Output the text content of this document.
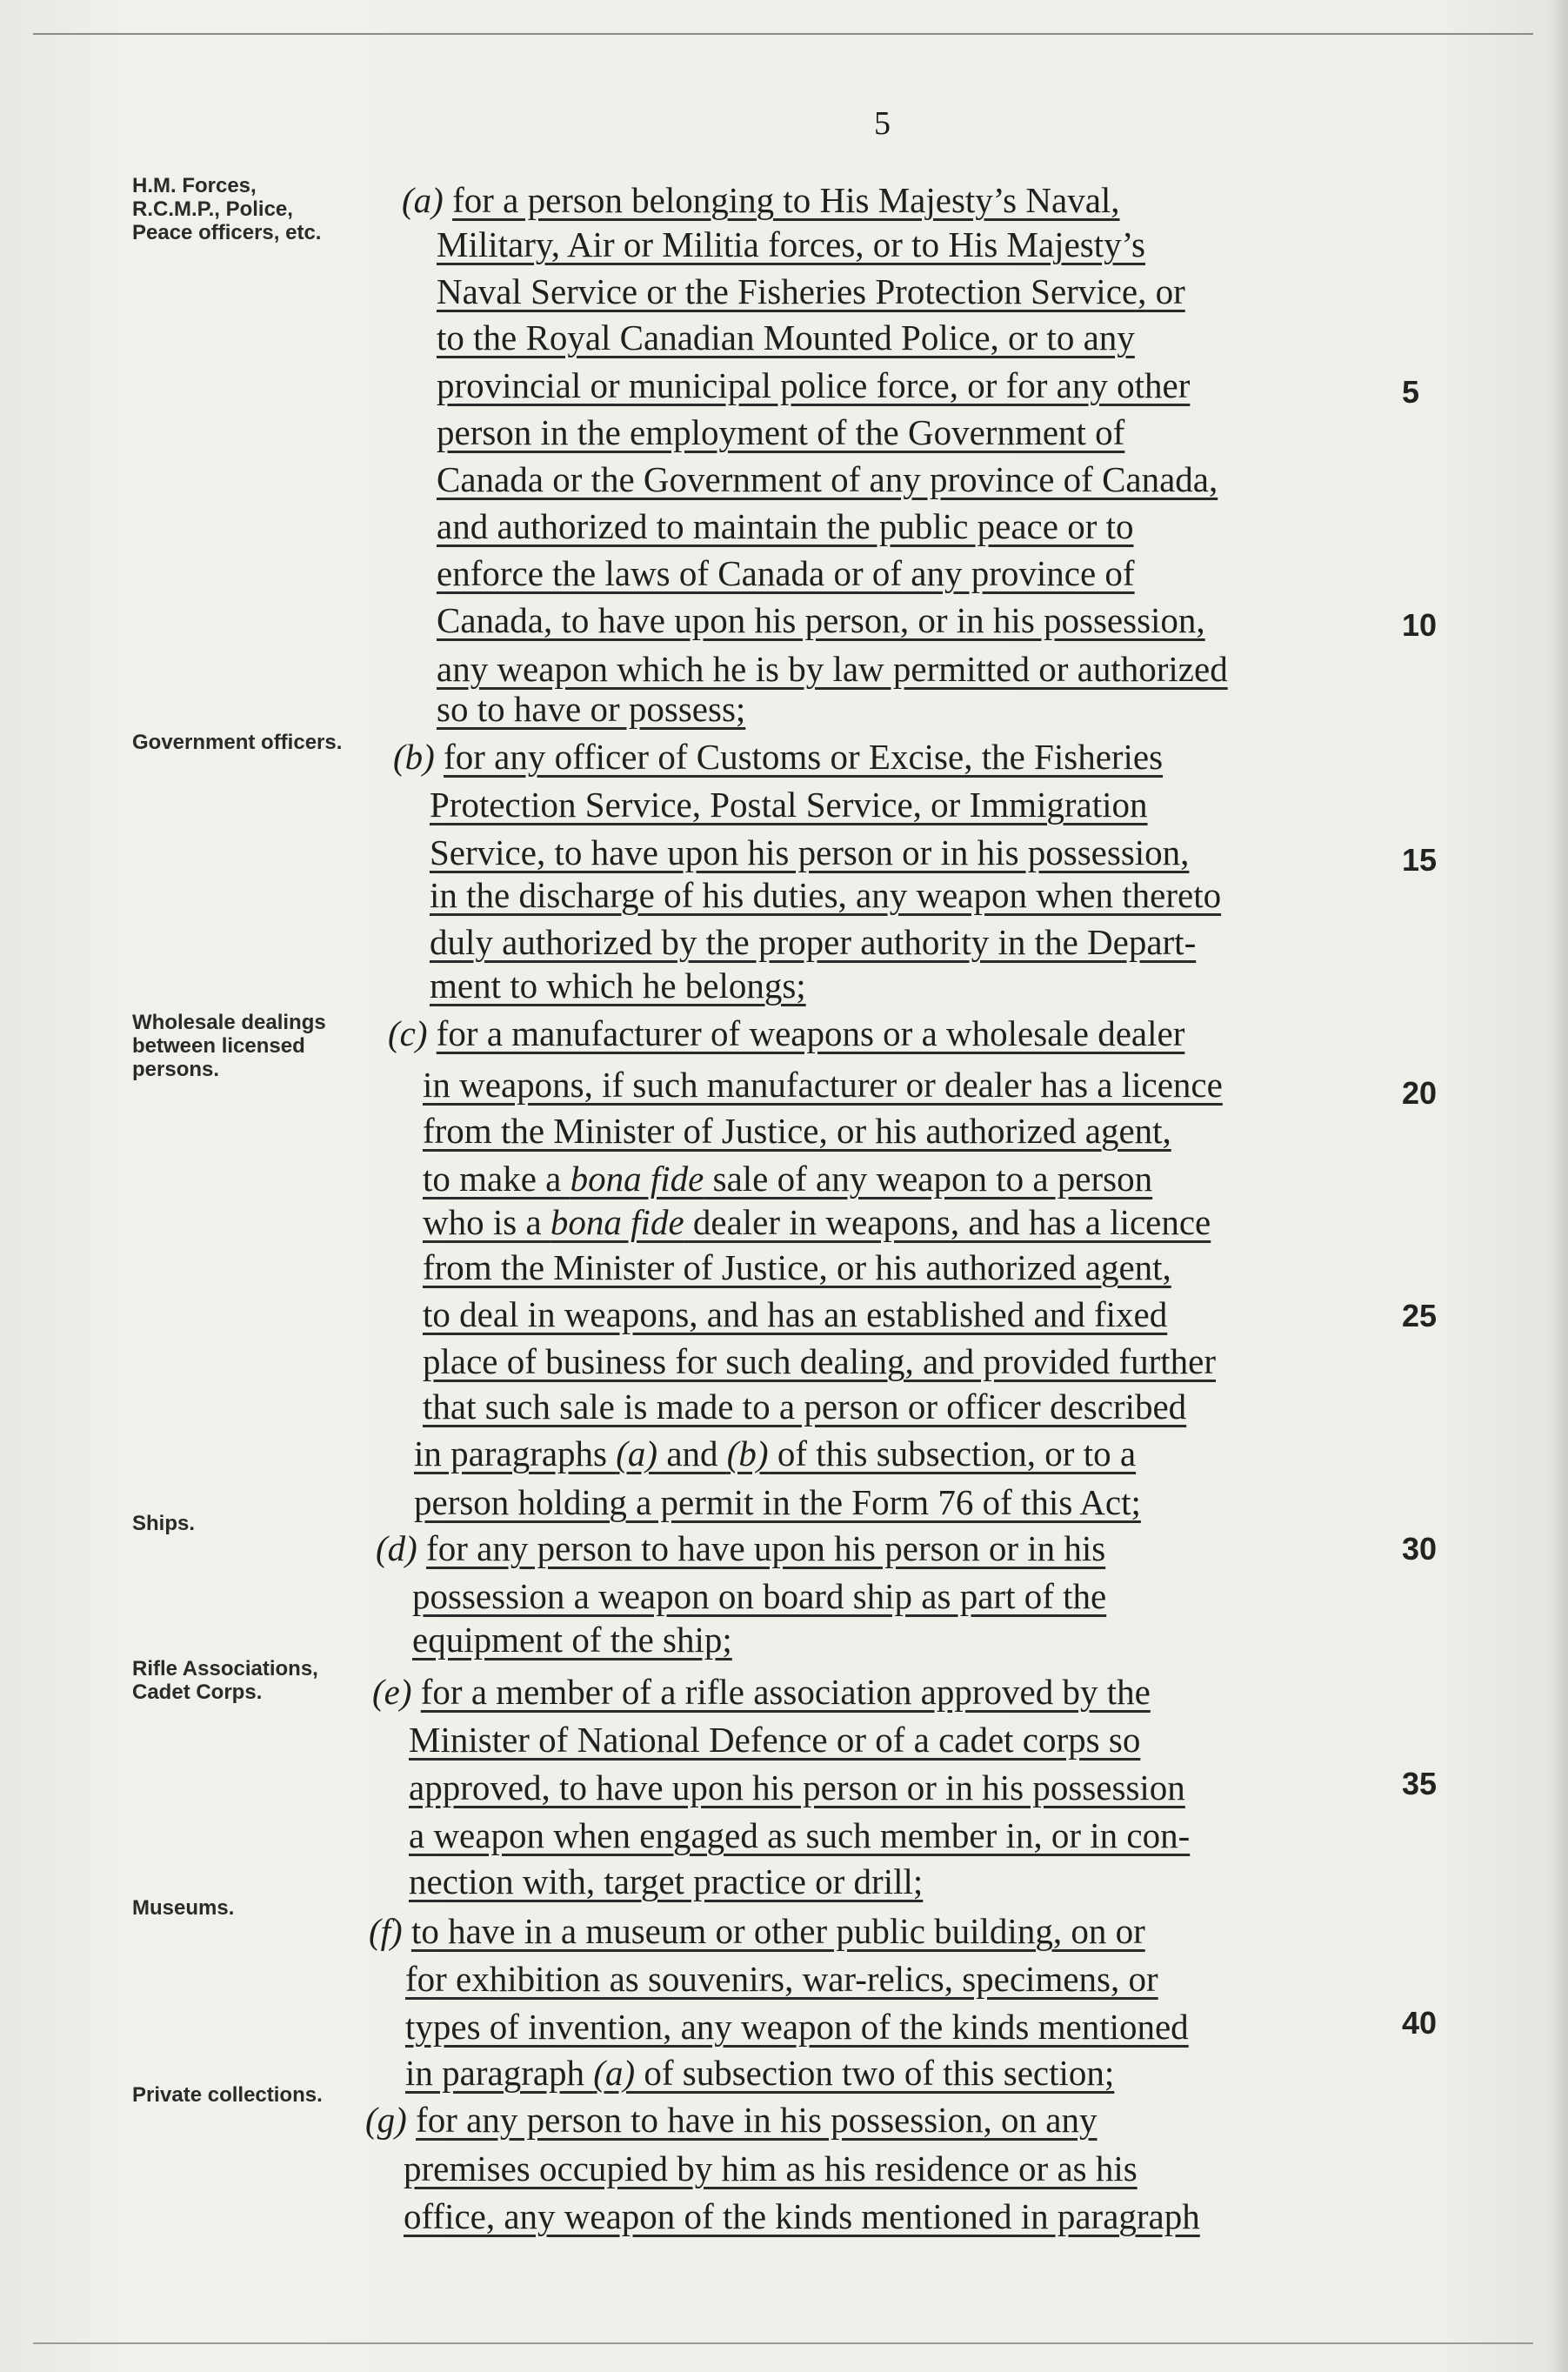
5
H.M. Forces, R.C.M.P., Police, Peace officers, etc.
Government officers.
Wholesale dealings between licensed persons.
Ships.
Rifle Associations, Cadet Corps.
Museums.
Private collections.
(a) for a person belonging to His Majesty’s Naval,
Military, Air or Militia forces, or to His Majesty’s
Naval Service or the Fisheries Protection Service, or
to the Royal Canadian Mounted Police, or to any
provincial or municipal police force, or for any other
person in the employment of the Government of
Canada or the Government of any province of Canada,
and authorized to maintain the public peace or to
enforce the laws of Canada or of any province of
Canada, to have upon his person, or in his possession,
any weapon which he is by law permitted or authorized
so to have or possess;
(b) for any officer of Customs or Excise, the Fisheries
Protection Service, Postal Service, or Immigration
Service, to have upon his person or in his possession,
in the discharge of his duties, any weapon when thereto
duly authorized by the proper authority in the Depart-
ment to which he belongs;
(c) for a manufacturer of weapons or a wholesale dealer
in weapons, if such manufacturer or dealer has a licence
from the Minister of Justice, or his authorized agent,
to make a bona fide sale of any weapon to a person
who is a bona fide dealer in weapons, and has a licence
from the Minister of Justice, or his authorized agent,
to deal in weapons, and has an established and fixed
place of business for such dealing, and provided further
that such sale is made to a person or officer described
in paragraphs (a) and (b) of this subsection, or to a
person holding a permit in the Form 76 of this Act;
(d) for any person to have upon his person or in his
possession a weapon on board ship as part of the
equipment of the ship;
(e) for a member of a rifle association approved by the
Minister of National Defence or of a cadet corps so
approved, to have upon his person or in his possession
a weapon when engaged as such member in, or in con-
nection with, target practice or drill;
(f) to have in a museum or other public building, on or
for exhibition as souvenirs, war-relics, specimens, or
types of invention, any weapon of the kinds mentioned
in paragraph (a) of subsection two of this section;
(g) for any person to have in his possession, on any
premises occupied by him as his residence or as his
office, any weapon of the kinds mentioned in paragraph
5
10
15
20
25
30
35
40
